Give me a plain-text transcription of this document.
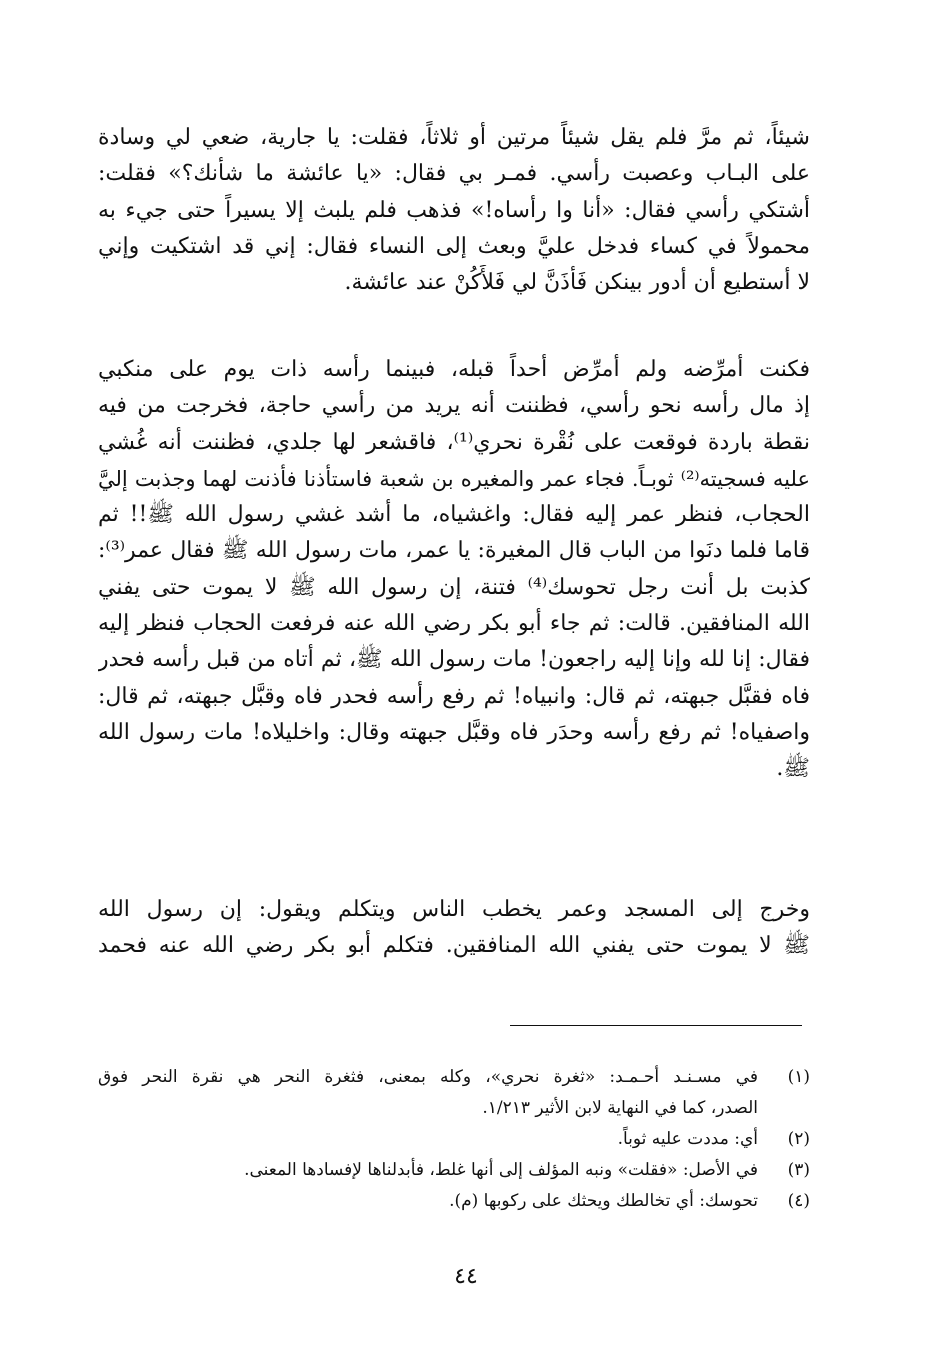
شيئاً، ثم مرَّ فلم يقل شيئاً مرتين أو ثلاثاً، فقلت: يا جارية، ضعي لي وسادة
على البـاب وعصبت رأسي. فمـر بي فقال: «يا عائشة ما شأنك؟» فقلت:
أشتكي رأسي فقال: «أنا وا رأساه!» فذهب فلم يلبث إلا يسيراً حتى جيء به
محمولاً في كساء فدخل عليَّ وبعث إلى النساء فقال: إني قد اشتكيت وإني
لا أستطيع أن أدور بينكن فَأْذَنَّ لي فَلأَكُنْ عند عائشة.
فكنت أمرِّضه ولم أمرِّض أحداً قبله، فبينما رأسه ذات يوم على منكبي
إذ مال رأسه نحو رأسي، فظننت أنه يريد من رأسي حاجة، فخرجت من فيه
نقطة باردة فوقعت على نُقْرة نحري⁽¹⁾، فاقشعر لها جلدي، فظننت أنه غُشي
عليه فسجيته⁽²⁾ ثوبـاً. فجاء عمر والمغيره بن شعبة فاستأذنا فأذنت لهما وجذبت إليَّ
الحجاب، فنظر عمر إليه فقال: واغشياه، ما أشد غشي رسول الله ﷺ!! ثم
قاما فلما دنَوا من الباب قال المغيرة: يا عمر، مات رسول الله ﷺ فقال عمر⁽³⁾:
كذبت بل أنت رجل تحوسك⁽⁴⁾ فتنة، إن رسول الله ﷺ لا يموت حتى يفني
الله المنافقين. قالت: ثم جاء أبو بكر رضي الله عنه فرفعت الحجاب فنظر إليه
فقال: إنا لله وإنا إليه راجعون! مات رسول الله ﷺ، ثم أتاه من قبل رأسه فحدر
فاه فقبَّل جبهته، ثم قال: وانبياه! ثم رفع رأسه فحدر فاه وقبَّل جبهته، ثم قال:
واصفياه! ثم رفع رأسه وحدَر فاه وقبَّل جبهته وقال: واخليلاه! مات رسول الله
ﷺ.
وخرج إلى المسجد وعمر يخطب الناس ويتكلم ويقول: إن رسول الله
ﷺ لا يموت حتى يفني الله المنافقين. فتكلم أبو بكر رضي الله عنه فحمد
(١)
في مسـنـد أحـمـد: «ثغرة نحري»، وكله بمعنى، فثغرة النحر هي نقرة النحر فوق
الصدر، كما في النهاية لابن الأثير ١/٢١٣.
(٢)
أي: مددت عليه ثوباً.
(٣)
في الأصل: «فقلت» ونبه المؤلف إلى أنها غلط، فأبدلناها لإفسادها المعنى.
(٤)
تحوسك: أي تخالطك ويحثك على ركوبها (م).
٤٤
